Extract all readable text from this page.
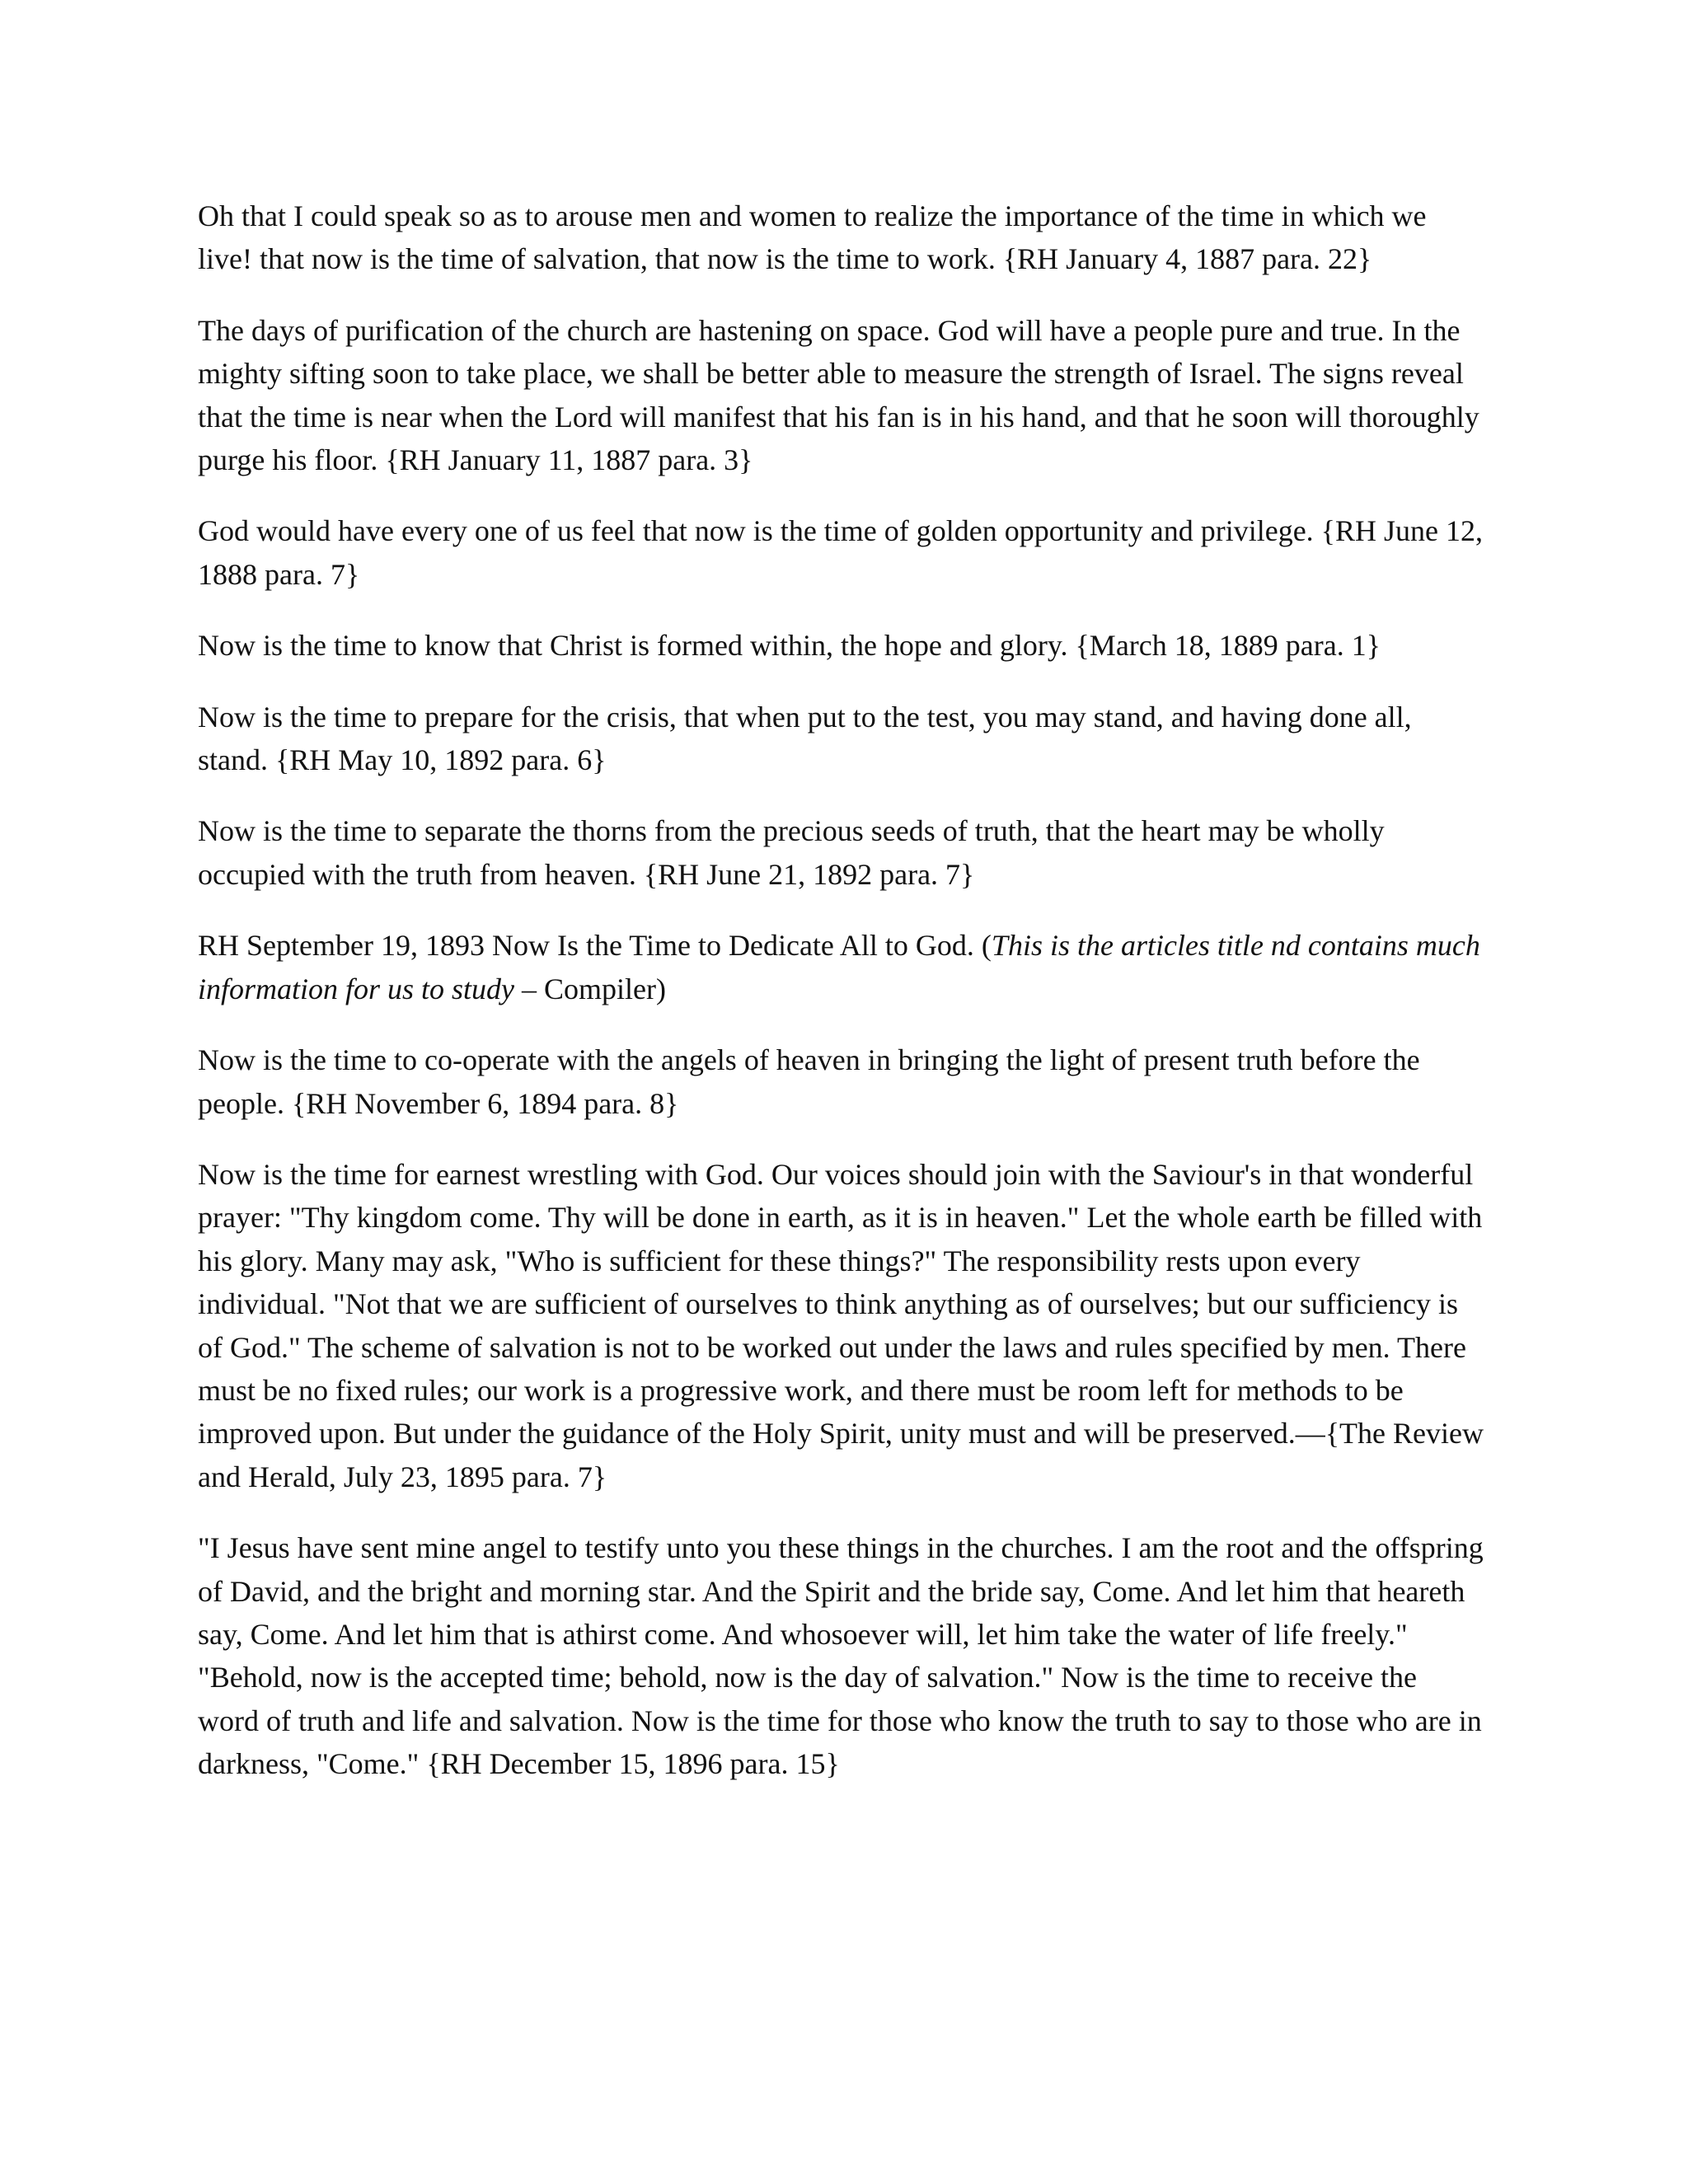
Oh that I could speak so as to arouse men and women to realize the importance of the time in which we live! that now is the time of salvation, that now is the time to work. {RH January 4, 1887 para. 22}

The days of purification of the church are hastening on space. God will have a people pure and true. In the mighty sifting soon to take place, we shall be better able to measure the strength of Israel. The signs reveal that the time is near when the Lord will manifest that his fan is in his hand, and that he soon will thoroughly purge his floor. {RH January 11, 1887 para. 3}

God would have every one of us feel that now is the time of golden opportunity and privilege. {RH June 12, 1888 para. 7}

Now is the time to know that Christ is formed within, the hope and glory. {March 18, 1889 para. 1}

Now is the time to prepare for the crisis, that when put to the test, you may stand, and having done all, stand. {RH May 10, 1892 para. 6}

Now is the time to separate the thorns from the precious seeds of truth, that the heart may be wholly occupied with the truth from heaven. {RH June 21, 1892 para. 7}

RH September 19, 1893 Now Is the Time to Dedicate All to God. (This is the articles title nd contains much information for us to study – Compiler)

Now is the time to co-operate with the angels of heaven in bringing the light of present truth before the people. {RH November 6, 1894 para. 8}

Now is the time for earnest wrestling with God. Our voices should join with the Saviour's in that wonderful prayer: "Thy kingdom come. Thy will be done in earth, as it is in heaven." Let the whole earth be filled with his glory. Many may ask, "Who is sufficient for these things?" The responsibility rests upon every individual. "Not that we are sufficient of ourselves to think anything as of ourselves; but our sufficiency is of God." The scheme of salvation is not to be worked out under the laws and rules specified by men. There must be no fixed rules; our work is a progressive work, and there must be room left for methods to be improved upon. But under the guidance of the Holy Spirit, unity must and will be preserved.—{The Review and Herald, July 23, 1895 para. 7}

"I Jesus have sent mine angel to testify unto you these things in the churches. I am the root and the offspring of David, and the bright and morning star. And the Spirit and the bride say, Come. And let him that heareth say, Come. And let him that is athirst come. And whosoever will, let him take the water of life freely." "Behold, now is the accepted time; behold, now is the day of salvation." Now is the time to receive the word of truth and life and salvation. Now is the time for those who know the truth to say to those who are in darkness, "Come." {RH December 15, 1896 para. 15}
